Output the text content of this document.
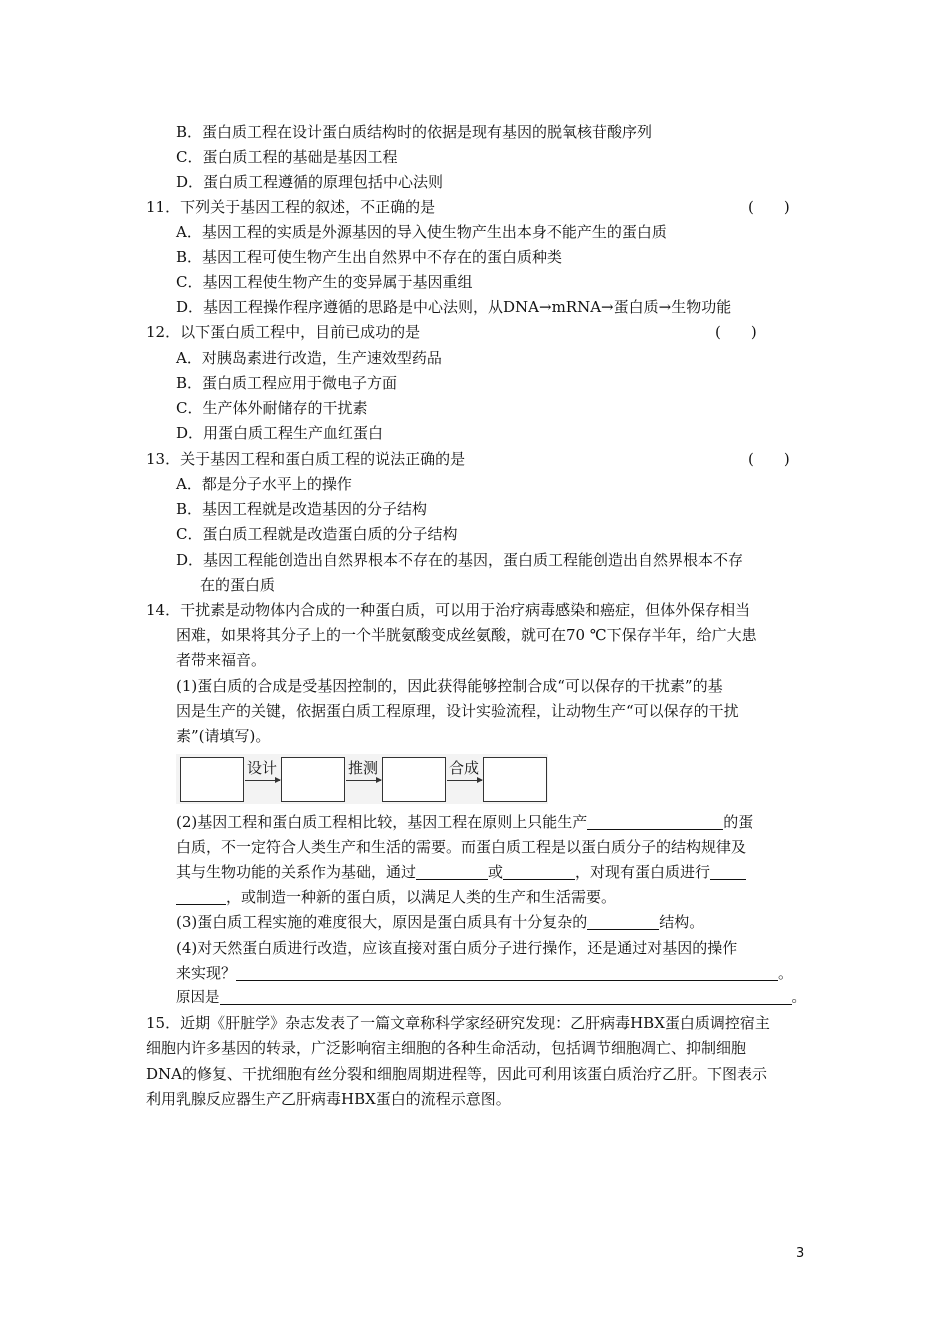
B．蛋白质工程在设计蛋白质结构时的依据是现有基因的脱氧核苷酸序列
C．蛋白质工程的基础是基因工程
D．蛋白质工程遵循的原理包括中心法则
11．下列关于基因工程的叙述，不正确的是	(　　)
A．基因工程的实质是外源基因的导入使生物产生出本身不能产生的蛋白质
B．基因工程可使生物产生出自然界中不存在的蛋白质种类
C．基因工程使生物产生的变异属于基因重组
D．基因工程操作程序遵循的思路是中心法则，从DNA→mRNA→蛋白质→生物功能
12．以下蛋白质工程中，目前已成功的是	(　　)
A．对胰岛素进行改造，生产速效型药品
B．蛋白质工程应用于微电子方面
C．生产体外耐储存的干扰素
D．用蛋白质工程生产血红蛋白
13．关于基因工程和蛋白质工程的说法正确的是	(　　)
A．都是分子水平上的操作
B．基因工程就是改造基因的分子结构
C．蛋白质工程就是改造蛋白质的分子结构
D．基因工程能创造出自然界根本不存在的基因，蛋白质工程能创造出自然界根本不存
在的蛋白质
14．干扰素是动物体内合成的一种蛋白质，可以用于治疗病毒感染和癌症，但体外保存相当
困难，如果将其分子上的一个半胱氨酸变成丝氨酸，就可在70 ℃下保存半年，给广大患
者带来福音。
(1)蛋白质的合成是受基因控制的，因此获得能够控制合成“可以保存的干扰素”的基
因是生产的关键，依据蛋白质工程原理，设计实验流程，让动物生产“可以保存的干扰
素”(请填写)。
设计	推测	合成
(2)基因工程和蛋白质工程相比较，基因工程在原则上只能生产	的蛋
白质，不一定符合人类生产和生活的需要。而蛋白质工程是以蛋白质分子的结构规律及
其与生物功能的关系作为基础，通过	或	，对现有蛋白质进行
，或制造一种新的蛋白质，以满足人类的生产和生活需要。
(3)蛋白质工程实施的难度很大，原因是蛋白质具有十分复杂的	结构。
(4)对天然蛋白质进行改造，应该直接对蛋白质分子进行操作，还是通过对基因的操作
来实现？	。
原因是	。
15．近期《肝脏学》杂志发表了一篇文章称科学家经研究发现：乙肝病毒HBX蛋白质调控宿主
细胞内许多基因的转录，广泛影响宿主细胞的各种生命活动，包括调节细胞凋亡、抑制细胞
DNA的修复、干扰细胞有丝分裂和细胞周期进程等，因此可利用该蛋白质治疗乙肝。下图表示
利用乳腺反应器生产乙肝病毒HBX蛋白的流程示意图。
3
